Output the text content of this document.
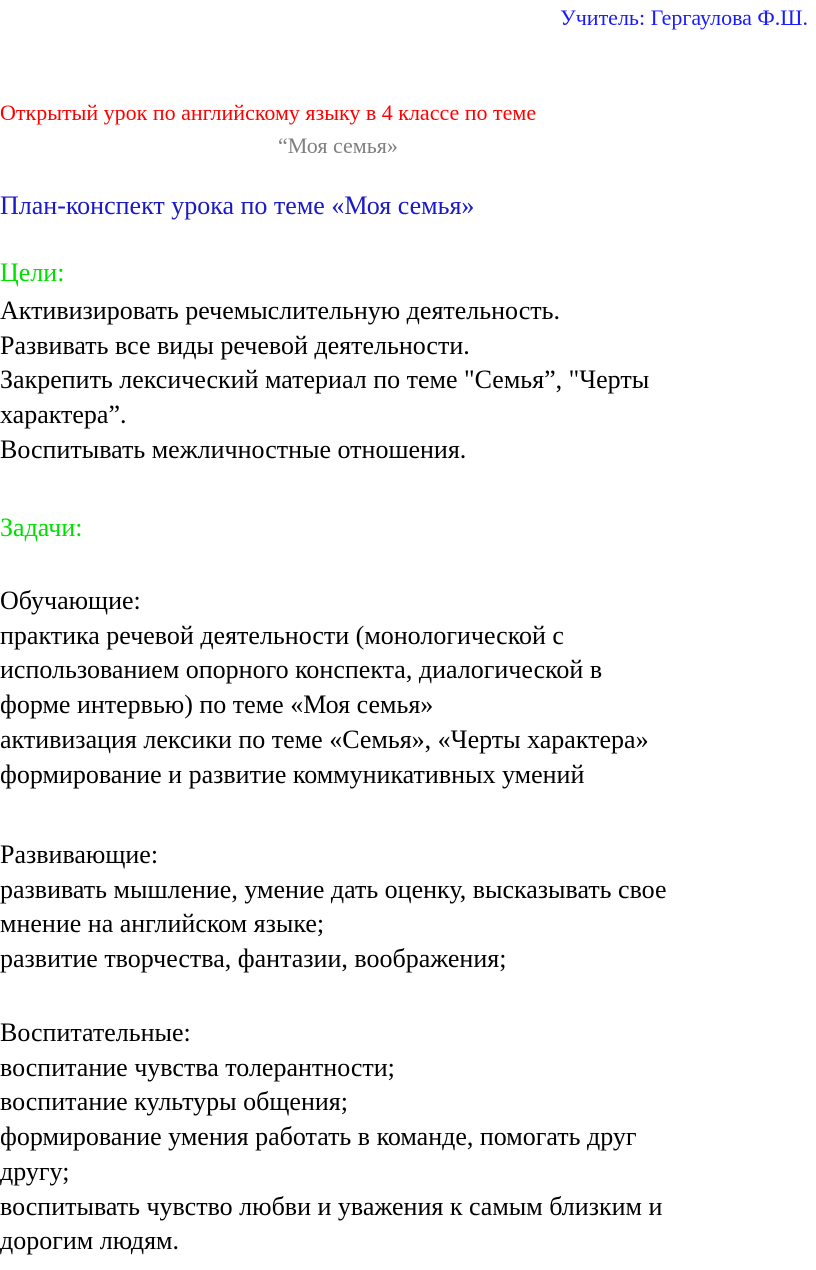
Учитель: Гергаулова Ф.Ш.
Открытый урок по английскому языку в 4 классе по теме
“Моя семья»
План-конспект урока по теме «Моя семья»
Цели:
Активизировать речемыслительную деятельность.
Развивать все виды речевой деятельности.
Закрепить лексический материал по теме "Семья”, "Черты
характера”.
Воспитывать межличностные отношения.
Задачи:
Обучающие:
практика речевой деятельности (монологической с
использованием опорного конспекта, диалогической в
форме интервью) по теме «Моя семья»
активизация лексики по теме «Семья», «Черты характера»
формирование и развитие коммуникативных умений
Развивающие:
развивать мышление, умение дать оценку, высказывать свое
мнение на английском языке;
развитие творчества, фантазии, воображения;
Воспитательные:
воспитание чувства толерантности;
воспитание культуры общения;
формирование умения работать в команде, помогать друг
другу;
воспитывать чувство любви и уважения к самым близким и
дорогим людям.
